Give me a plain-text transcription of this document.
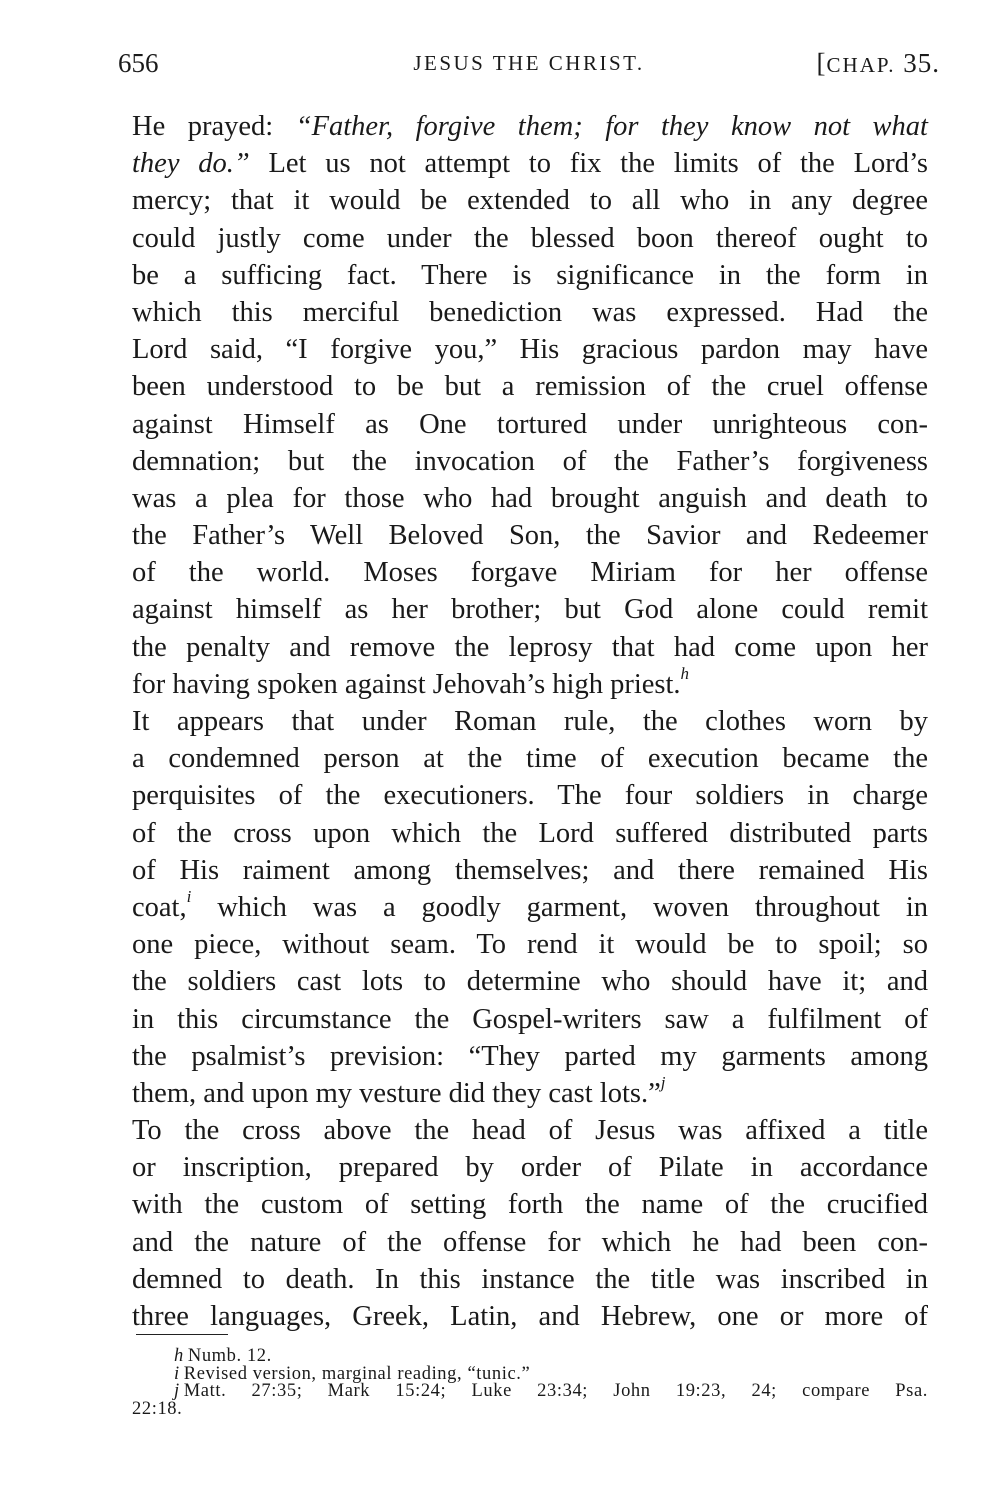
656	JESUS THE CHRIST.	[CHAP. 35.
He prayed: “Father, forgive them; for they know not what
they do.” Let us not attempt to fix the limits of the Lord’s
mercy; that it would be extended to all who in any degree
could justly come under the blessed boon thereof ought to
be a sufficing fact. There is significance in the form in
which this merciful benediction was expressed. Had the
Lord said, “I forgive you,” His gracious pardon may have
been understood to be but a remission of the cruel offense
against Himself as One tortured under unrighteous con-
demnation; but the invocation of the Father’s forgiveness
was a plea for those who had brought anguish and death to
the Father’s Well Beloved Son, the Savior and Redeemer
of the world. Moses forgave Miriam for her offense
against himself as her brother; but God alone could remit
the penalty and remove the leprosy that had come upon her
for having spoken against Jehovah’s high priest.$^h$
It appears that under Roman rule, the clothes worn by
a condemned person at the time of execution became the
perquisites of the executioners. The four soldiers in charge
of the cross upon which the Lord suffered distributed parts
of His raiment among themselves; and there remained His
coat,$^i$ which was a goodly garment, woven throughout in
one piece, without seam. To rend it would be to spoil; so
the soldiers cast lots to determine who should have it; and
in this circumstance the Gospel-writers saw a fulfilment of
the psalmist’s prevision: “They parted my garments among
them, and upon my vesture did they cast lots.”$^j$
To the cross above the head of Jesus was affixed a title
or inscription, prepared by order of Pilate in accordance
with the custom of setting forth the name of the crucified
and the nature of the offense for which he had been con-
demned to death. In this instance the title was inscribed in
three languages, Greek, Latin, and Hebrew, one or more of
h Numb. 12.
i Revised version, marginal reading, “tunic.”
j Matt. 27:35; Mark 15:24; Luke 23:34; John 19:23, 24; compare Psa.
22:18.
